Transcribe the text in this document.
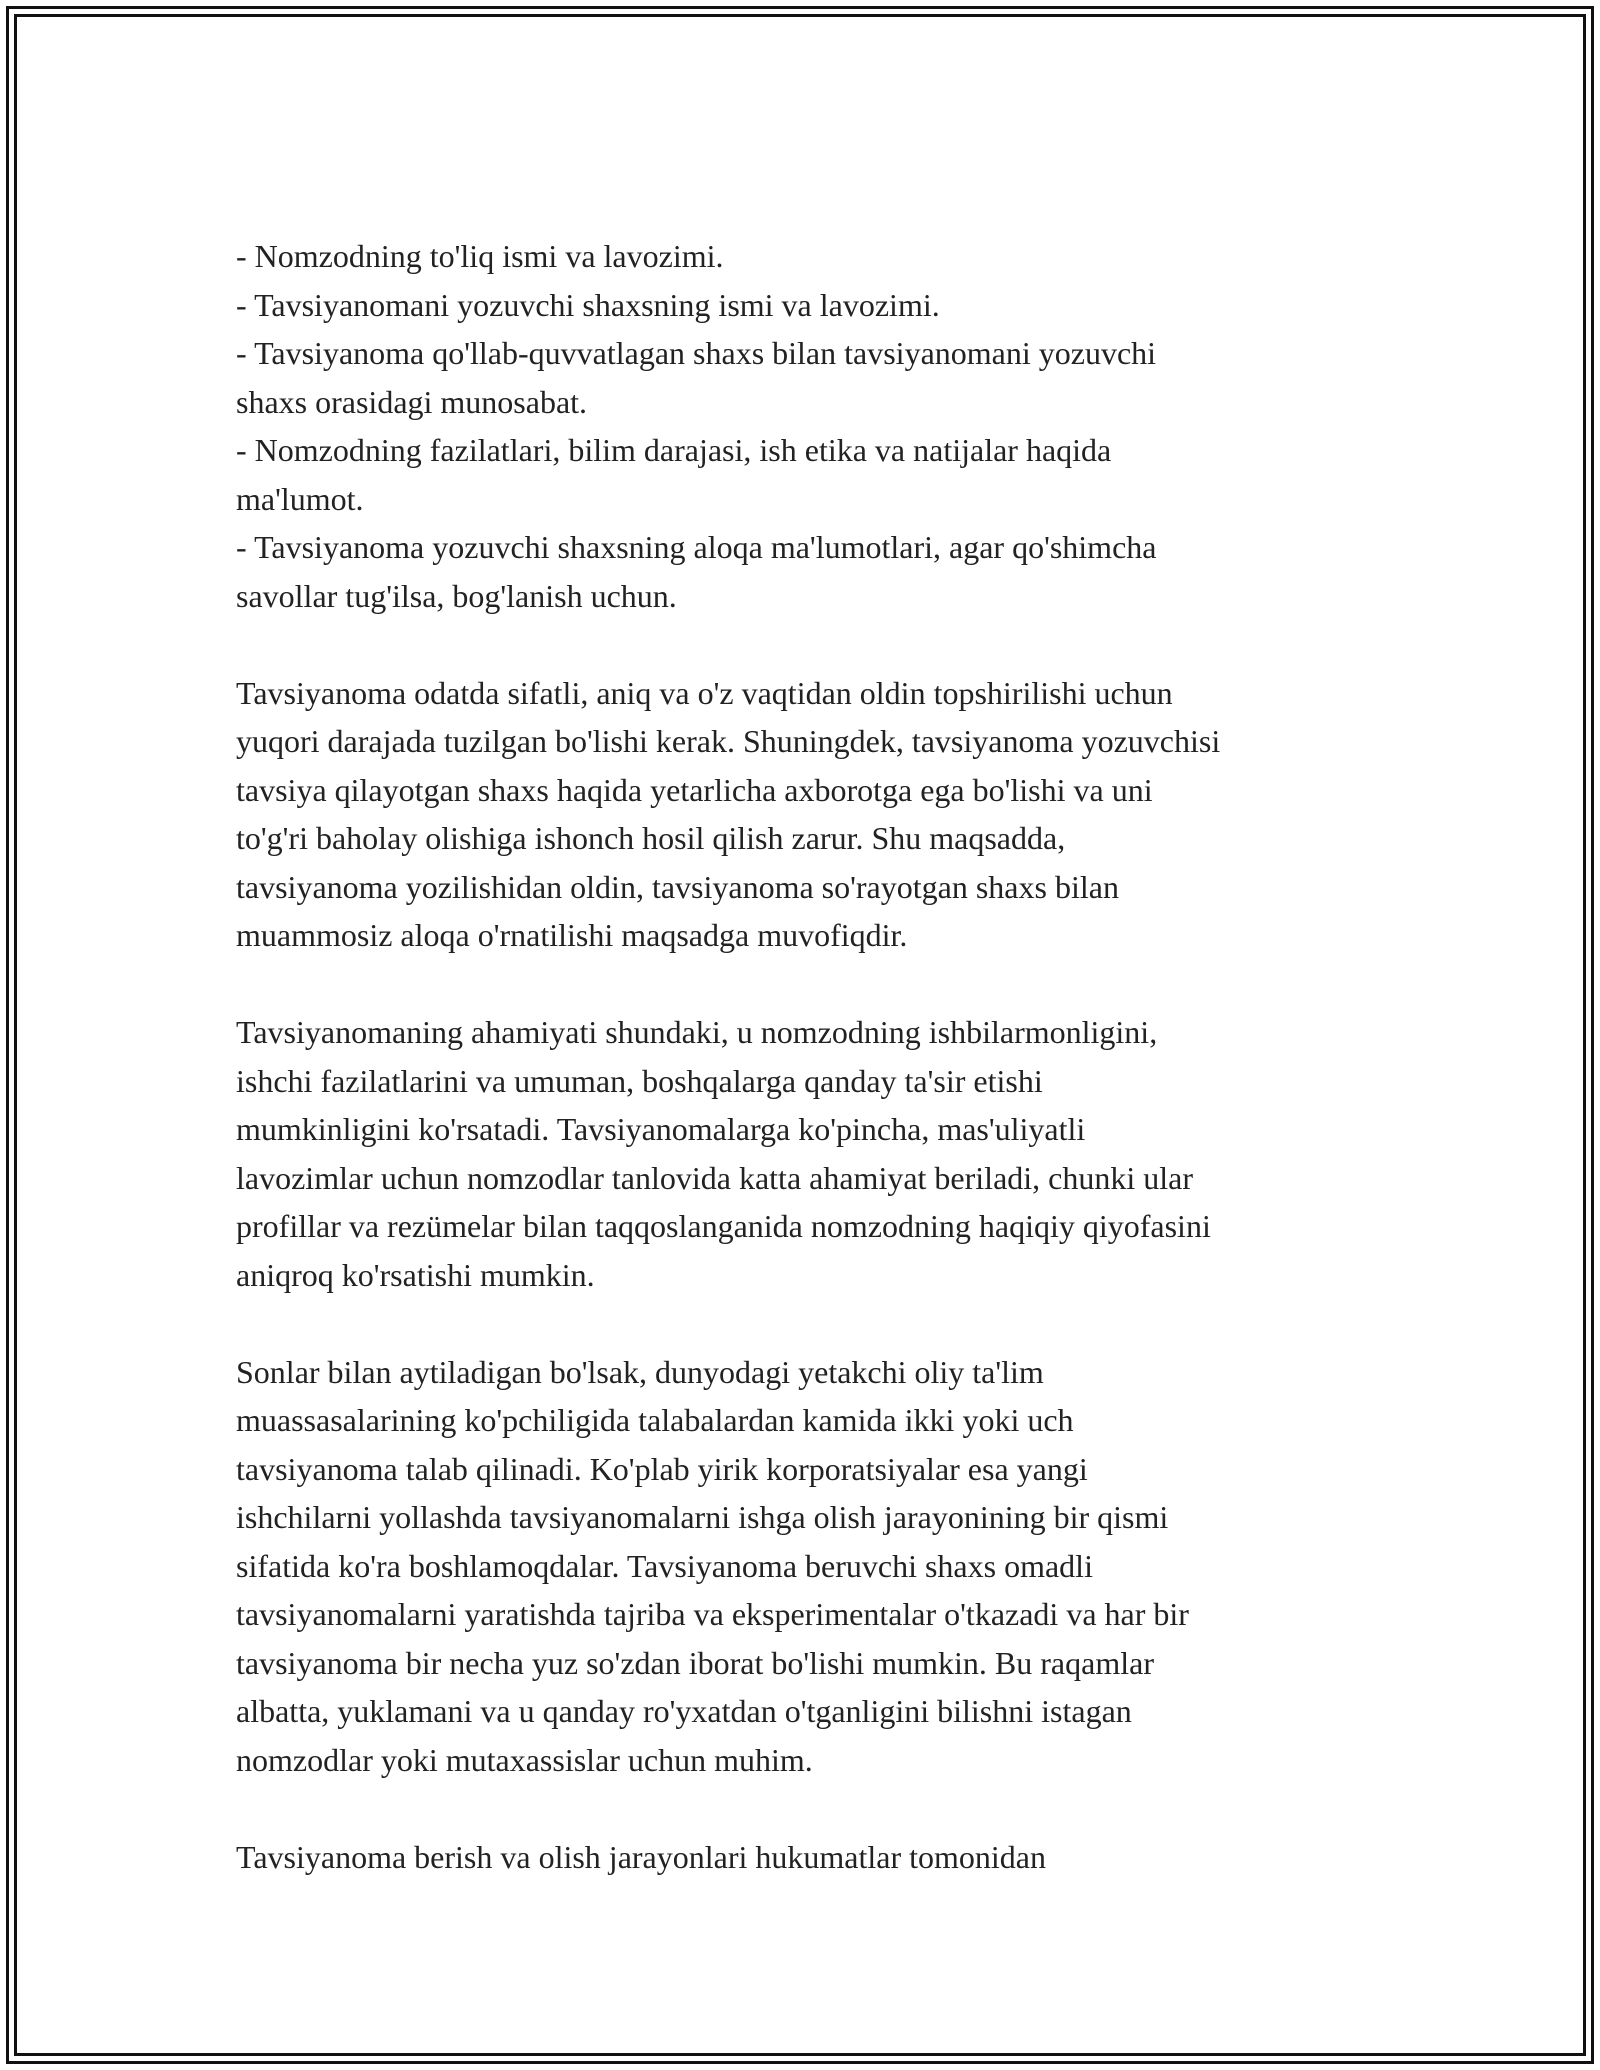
- Nomzodning to'liq ismi va lavozimi.
- Tavsiyanomani yozuvchi shaxsning ismi va lavozimi.
- Tavsiyanoma qo'llab-quvvatlagan shaxs bilan tavsiyanomani yozuvchi
shaxs orasidagi munosabat.
- Nomzodning fazilatlari, bilim darajasi, ish etika va natijalar haqida
ma'lumot.
- Tavsiyanoma yozuvchi shaxsning aloqa ma'lumotlari, agar qo'shimcha
savollar tug'ilsa, bog'lanish uchun.
Tavsiyanoma odatda sifatli, aniq va o'z vaqtidan oldin topshirilishi uchun
yuqori darajada tuzilgan bo'lishi kerak. Shuningdek, tavsiyanoma yozuvchisi
tavsiya qilayotgan shaxs haqida yetarlicha axborotga ega bo'lishi va uni
to'g'ri baholay olishiga ishonch hosil qilish zarur. Shu maqsadda,
tavsiyanoma yozilishidan oldin, tavsiyanoma so'rayotgan shaxs bilan
muammosiz aloqa o'rnatilishi maqsadga muvofiqdir.
Tavsiyanomaning ahamiyati shundaki, u nomzodning ishbilarmonligini,
ishchi fazilatlarini va umuman, boshqalarga qanday ta'sir etishi
mumkinligini ko'rsatadi. Tavsiyanomalarga ko'pincha, mas'uliyatli
lavozimlar uchun nomzodlar tanlovida katta ahamiyat beriladi, chunki ular
profillar va rezümelar bilan taqqoslanganida nomzodning haqiqiy qiyofasini
aniqroq ko'rsatishi mumkin.
Sonlar bilan aytiladigan bo'lsak, dunyodagi yetakchi oliy ta'lim
muassasalarining ko'pchiligida talabalardan kamida ikki yoki uch
tavsiyanoma talab qilinadi. Ko'plab yirik korporatsiyalar esa yangi
ishchilarni yollashda tavsiyanomalarni ishga olish jarayonining bir qismi
sifatida ko'ra boshlamoqdalar. Tavsiyanoma beruvchi shaxs omadli
tavsiyanomalarni yaratishda tajriba va eksperimentalar o'tkazadi va har bir
tavsiyanoma bir necha yuz so'zdan iborat bo'lishi mumkin. Bu raqamlar
albatta, yuklamani va u qanday ro'yxatdan o'tganligini bilishni istagan
nomzodlar yoki mutaxassislar uchun muhim.
Tavsiyanoma berish va olish jarayonlari hukumatlar tomonidan
